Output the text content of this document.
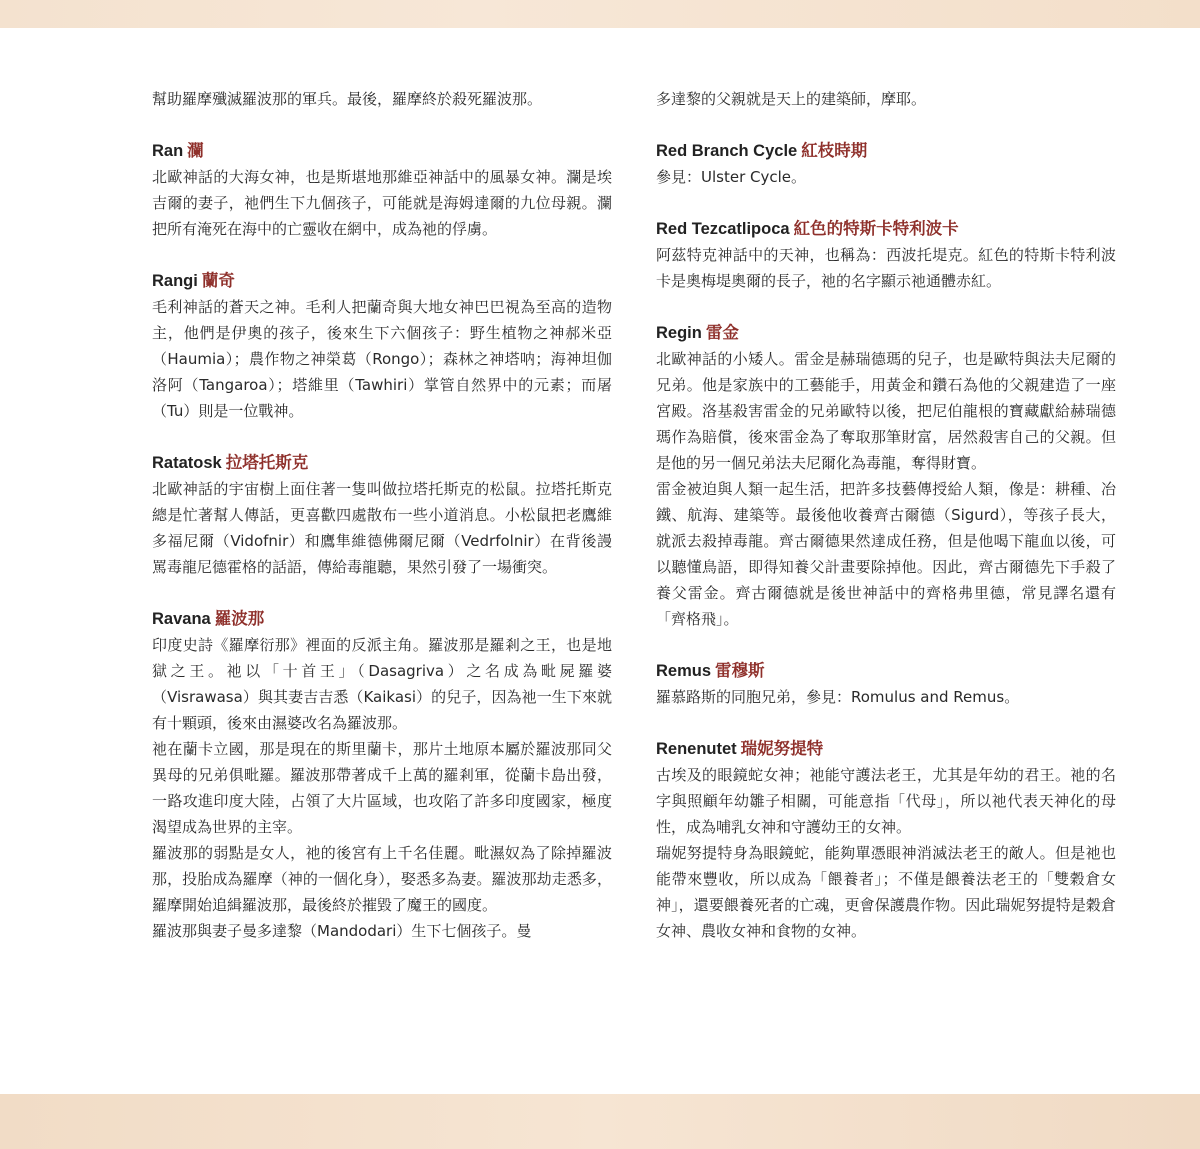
幫助羅摩殲滅羅波那的軍兵。最後，羅摩終於殺死羅波那。

Ran 瀾

北歐神話的大海女神，也是斯堪地那維亞神話中的風暴女神。瀾是埃吉爾的妻子，祂們生下九個孩子，可能就是海姆達爾的九位母親。瀾把所有淹死在海中的亡靈收在網中，成為祂的俘虜。

Rangi 蘭奇

毛利神話的蒼天之神。毛利人把蘭奇與大地女神巴巴視為至高的造物主，他們是伊奧的孩子，後來生下六個孩子：野生植物之神郝米亞（Haumia）；農作物之神榮葛（Rongo）；森林之神塔呐；海神坦伽洛阿（Tangaroa）；塔維里（Tawhiri）掌管自然界中的元素；而屠（Tu）則是一位戰神。

Ratatosk 拉塔托斯克

北歐神話的宇宙樹上面住著一隻叫做拉塔托斯克的松鼠。拉塔托斯克總是忙著幫人傳話，更喜歡四處散布一些小道消息。小松鼠把老鷹維多福尼爾（Vidofnir）和鷹隼維德佛爾尼爾（Vedrfolnir）在背後謾罵毒龍尼德霍格的話語，傳給毒龍聽，果然引發了一場衝突。

Ravana 羅波那

印度史詩《羅摩衍那》裡面的反派主角。羅波那是羅剎之王，也是地獄之王。祂以「十首王」（Dasagriva）之名成為毗屍羅婆（Visrawasa）與其妻吉吉悉（Kaikasi）的兒子，因為祂一生下來就有十顆頭，後來由濕婆改名為羅波那。

祂在蘭卡立國，那是現在的斯里蘭卡，那片土地原本屬於羅波那同父異母的兄弟俱毗羅。羅波那帶著成千上萬的羅剎軍，從蘭卡島出發，一路攻進印度大陸，占領了大片區域，也攻陷了許多印度國家，極度渴望成為世界的主宰。

羅波那的弱點是女人，祂的後宮有上千名佳麗。毗濕奴為了除掉羅波那，投胎成為羅摩（神的一個化身），娶悉多為妻。羅波那劫走悉多，羅摩開始追緝羅波那，最後終於摧毀了魔王的國度。

羅波那與妻子曼多達黎（Mandodari）生下七個孩子。曼

多達黎的父親就是天上的建築師，摩耶。

Red Branch Cycle 紅枝時期

參見：Ulster Cycle。

Red Tezcatlipoca 紅色的特斯卡特利波卡

阿茲特克神話中的天神，也稱為：西波托堤克。紅色的特斯卡特利波卡是奧梅堤奧爾的長子，祂的名字顯示祂通體赤紅。

Regin 雷金

北歐神話的小矮人。雷金是赫瑞德瑪的兒子，也是歐特與法夫尼爾的兄弟。他是家族中的工藝能手，用黃金和鑽石為他的父親建造了一座宮殿。洛基殺害雷金的兄弟歐特以後，把尼伯龍根的寶藏獻給赫瑞德瑪作為賠償，後來雷金為了奪取那筆財富，居然殺害自己的父親。但是他的另一個兄弟法夫尼爾化為毒龍，奪得財寶。

雷金被迫與人類一起生活，把許多技藝傳授給人類，像是：耕種、冶鐵、航海、建築等。最後他收養齊古爾德（Sigurd），等孩子長大，就派去殺掉毒龍。齊古爾德果然達成任務，但是他喝下龍血以後，可以聽懂鳥語，即得知養父計畫要除掉他。因此，齊古爾德先下手殺了養父雷金。齊古爾德就是後世神話中的齊格弗里德，常見譯名還有「齊格飛」。

Remus 雷穆斯

羅慕路斯的同胞兄弟，參見：Romulus and Remus。

Renenutet 瑞妮努提特

古埃及的眼鏡蛇女神；祂能守護法老王，尤其是年幼的君王。祂的名字與照顧年幼雛子相關，可能意指「代母」，所以祂代表天神化的母性，成為哺乳女神和守護幼王的女神。

瑞妮努提特身為眼鏡蛇，能夠單憑眼神消滅法老王的敵人。但是祂也能帶來豐收，所以成為「餵養者」；不僅是餵養法老王的「雙穀倉女神」，還要餵養死者的亡魂，更會保護農作物。因此瑞妮努提特是穀倉女神、農收女神和食物的女神。
